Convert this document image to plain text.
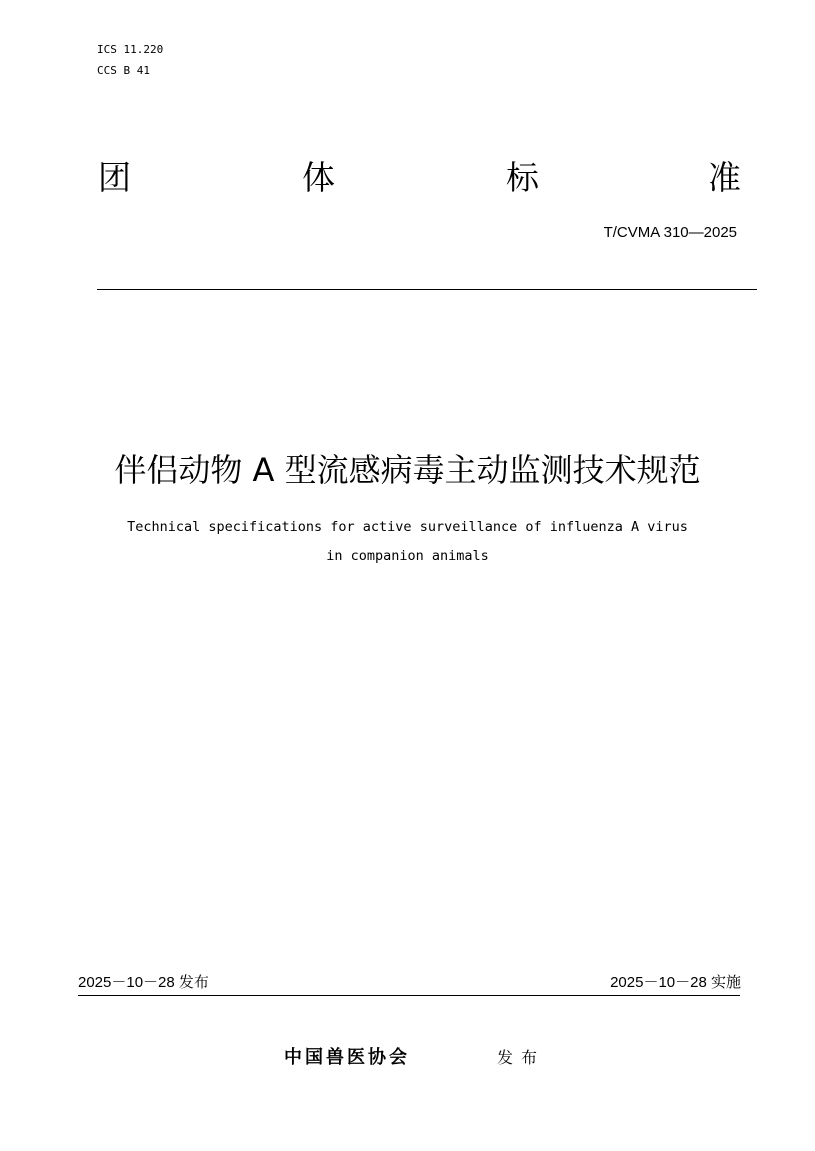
ICS 11.220
CCS B 41
团	体	标	准
T/CVMA 310—2025
伴侣动物 A 型流感病毒主动监测技术规范
Technical specifications for active surveillance of influenza A virus
in companion animals
2025－10－28 发布	2025－10－28 实施
中国兽医协会	发布
